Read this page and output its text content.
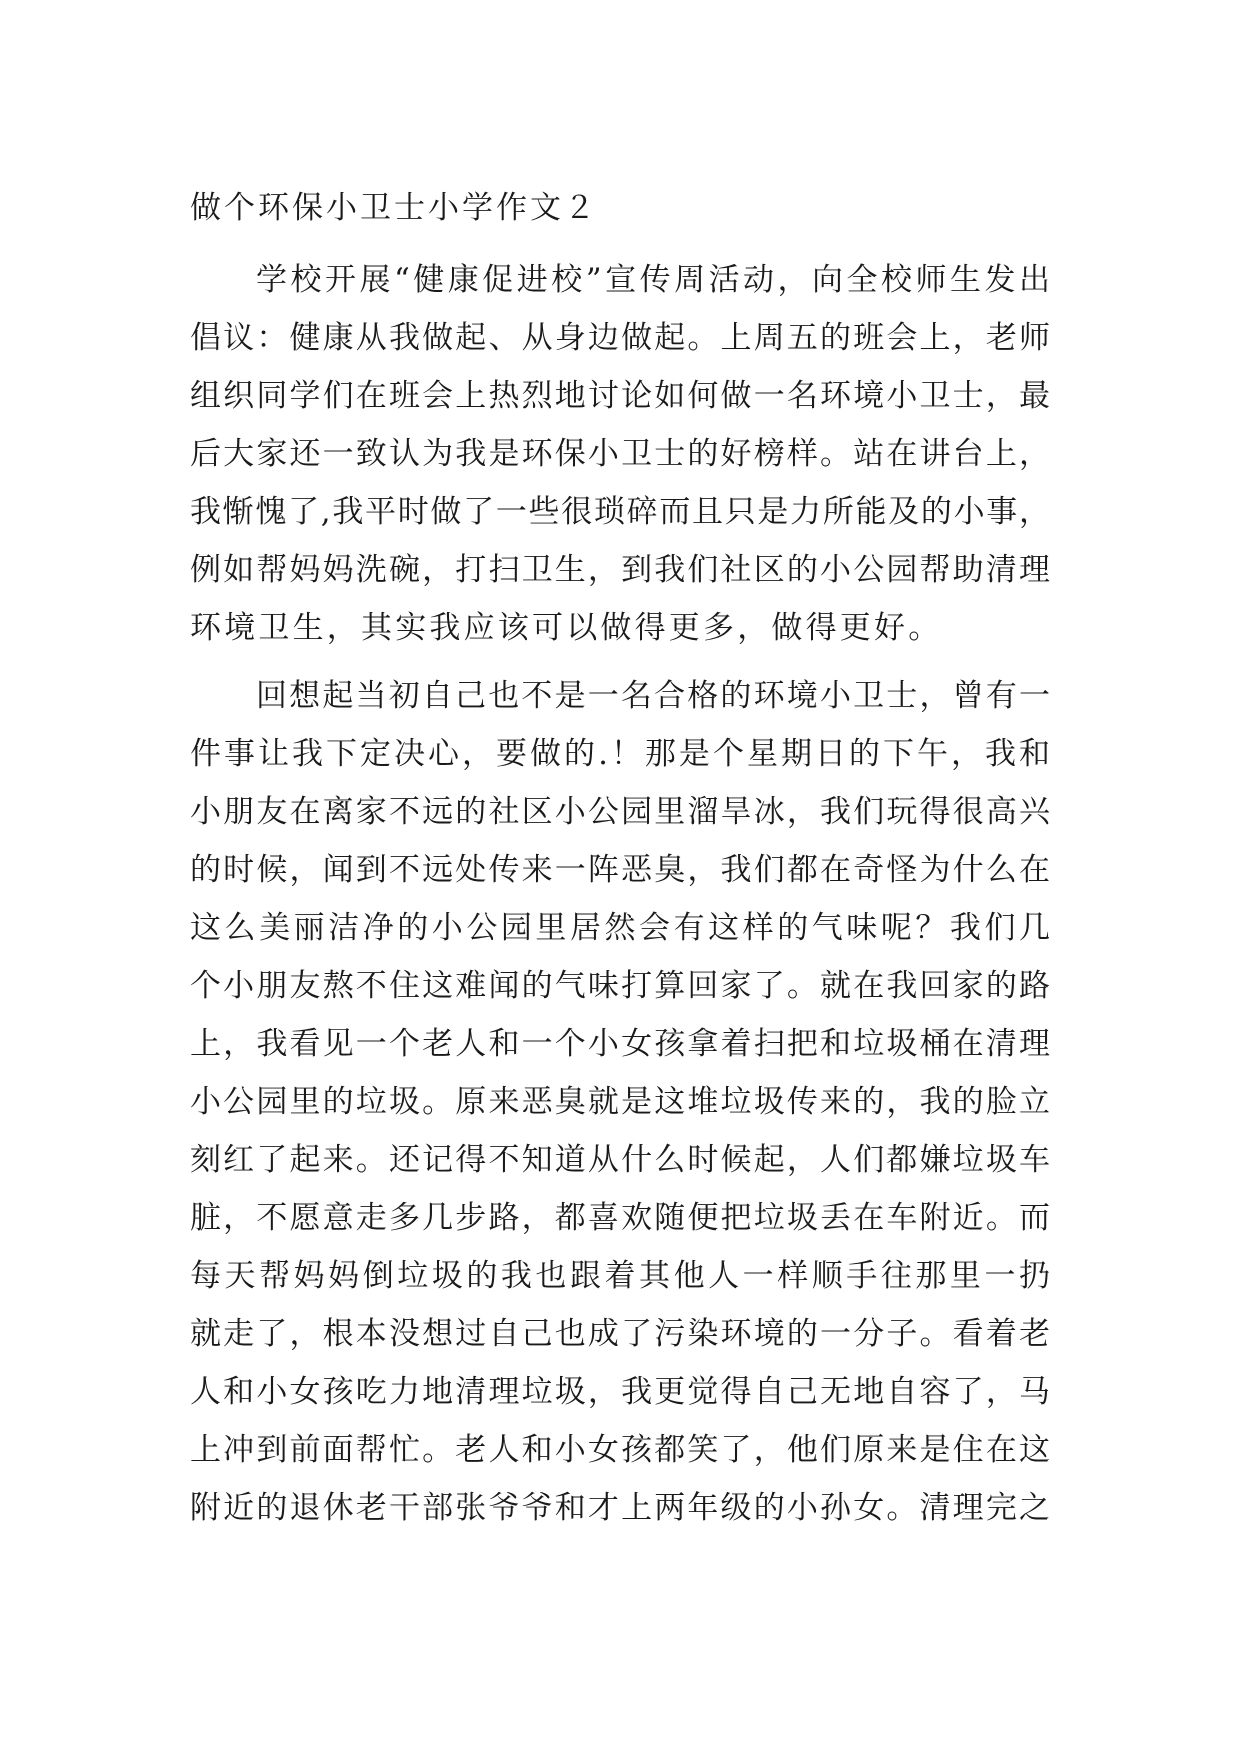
做个环保小卫士小学作文２
学校开展“健康促进校”宣传周活动，向全校师生发出
倡议：健康从我做起、从身边做起。上周五的班会上，老师
组织同学们在班会上热烈地讨论如何做一名环境小卫士，最
后大家还一致认为我是环保小卫士的好榜样。站在讲台上，
我惭愧了,我平时做了一些很琐碎而且只是力所能及的小事，
例如帮妈妈洗碗，打扫卫生，到我们社区的小公园帮助清理
环境卫生，其实我应该可以做得更多，做得更好。
回想起当初自己也不是一名合格的环境小卫士，曾有一
件事让我下定决心，要做的.！那是个星期日的下午，我和
小朋友在离家不远的社区小公园里溜旱冰，我们玩得很高兴
的时候，闻到不远处传来一阵恶臭，我们都在奇怪为什么在
这么美丽洁净的小公园里居然会有这样的气味呢？我们几
个小朋友熬不住这难闻的气味打算回家了。就在我回家的路
上，我看见一个老人和一个小女孩拿着扫把和垃圾桶在清理
小公园里的垃圾。原来恶臭就是这堆垃圾传来的，我的脸立
刻红了起来。还记得不知道从什么时候起，人们都嫌垃圾车
脏，不愿意走多几步路，都喜欢随便把垃圾丢在车附近。而
每天帮妈妈倒垃圾的我也跟着其他人一样顺手往那里一扔
就走了，根本没想过自己也成了污染环境的一分子。看着老
人和小女孩吃力地清理垃圾，我更觉得自己无地自容了，马
上冲到前面帮忙。老人和小女孩都笑了，他们原来是住在这
附近的退休老干部张爷爷和才上两年级的小孙女。清理完之
